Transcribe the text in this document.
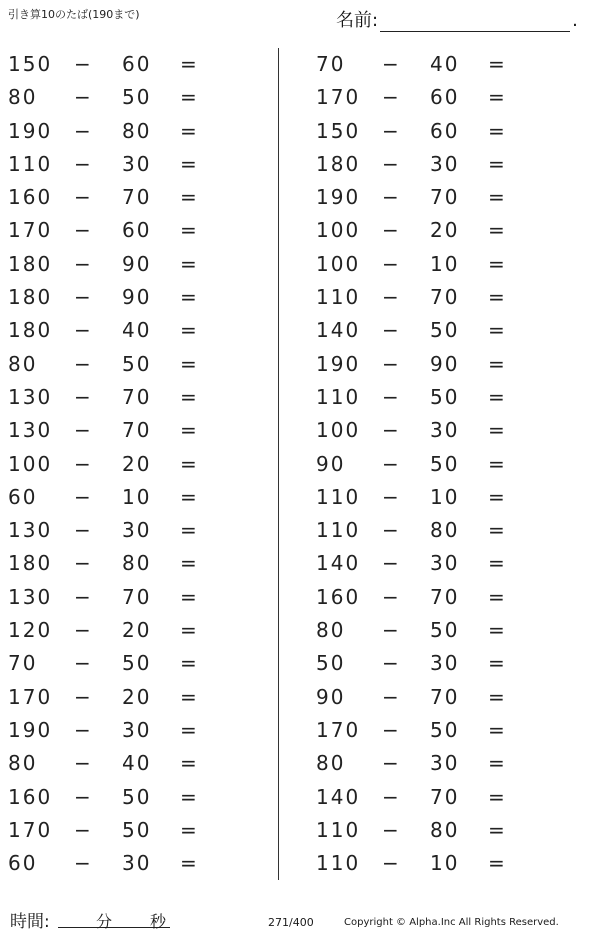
引き算10のたば(190まで)	名前:	.
150 − 60 =
80 − 50 =
190 − 80 =
110 − 30 =
160 − 70 =
170 − 60 =
180 − 90 =
180 − 90 =
180 − 40 =
80 − 50 =
130 − 70 =
130 − 70 =
100 − 20 =
60 − 10 =
130 − 30 =
180 − 80 =
130 − 70 =
120 − 20 =
70 − 50 =
170 − 20 =
190 − 30 =
80 − 40 =
160 − 50 =
170 − 50 =
60 − 30 =
70 − 40 =
170 − 60 =
150 − 60 =
180 − 30 =
190 − 70 =
100 − 20 =
100 − 10 =
110 − 70 =
140 − 50 =
190 − 90 =
110 − 50 =
100 − 30 =
90 − 50 =
110 − 10 =
110 − 80 =
140 − 30 =
160 − 70 =
80 − 50 =
50 − 30 =
90 − 70 =
170 − 50 =
80 − 30 =
140 − 70 =
110 − 80 =
110 − 10 =
時間:	分 秒	271/400	Copyright © Alpha.Inc All Rights Reserved.
